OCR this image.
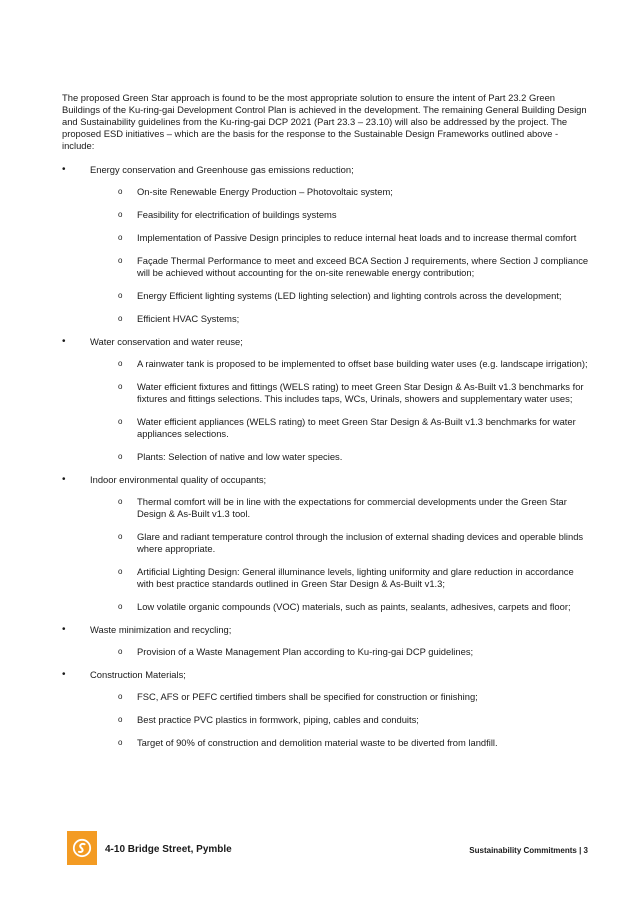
The proposed Green Star approach is found to be the most appropriate solution to ensure the intent of Part 23.2 Green Buildings of the Ku-ring-gai Development Control Plan is achieved in the development. The remaining General Building Design and Sustainability guidelines from the Ku-ring-gai DCP 2021 (Part 23.3 – 23.10) will also be addressed by the project. The proposed ESD initiatives – which are the basis for the response to the Sustainable Design Frameworks outlined above - include:

•	Energy conservation and Greenhouse gas emissions reduction;
o On-site Renewable Energy Production – Photovoltaic system;
o Feasibility for electrification of buildings systems
o Implementation of Passive Design principles to reduce internal heat loads and to increase thermal comfort
o Façade Thermal Performance to meet and exceed BCA Section J requirements, where Section J compliance will be achieved without accounting for the on-site renewable energy contribution;
o Energy Efficient lighting systems (LED lighting selection) and lighting controls across the development;
o Efficient HVAC Systems;
•	Water conservation and water reuse;
o A rainwater tank is proposed to be implemented to offset base building water uses (e.g. landscape irrigation);
o Water efficient fixtures and fittings (WELS rating) to meet Green Star Design & As-Built v1.3 benchmarks for fixtures and fittings selections. This includes taps, WCs, Urinals, showers and supplementary water uses;
o Water efficient appliances (WELS rating) to meet Green Star Design & As-Built v1.3 benchmarks for water appliances selections.
o Plants: Selection of native and low water species.
•	Indoor environmental quality of occupants;
o Thermal comfort will be in line with the expectations for commercial developments under the Green Star Design & As-Built v1.3 tool.
o Glare and radiant temperature control through the inclusion of external shading devices and operable blinds where appropriate.
o Artificial Lighting Design: General illuminance levels, lighting uniformity and glare reduction in accordance with best practice standards outlined in Green Star Design & As-Built v1.3;
o Low volatile organic compounds (VOC) materials, such as paints, sealants, adhesives, carpets and floor;
•	Waste minimization and recycling;
o Provision of a Waste Management Plan according to Ku-ring-gai DCP guidelines;
•	Construction Materials;
o FSC, AFS or PEFC certified timbers shall be specified for construction or finishing;
o Best practice PVC plastics in formwork, piping, cables and conduits;
o Target of 90% of construction and demolition material waste to be diverted from landfill.
4-10 Bridge Street, Pymble	Sustainability Commitments | 3
